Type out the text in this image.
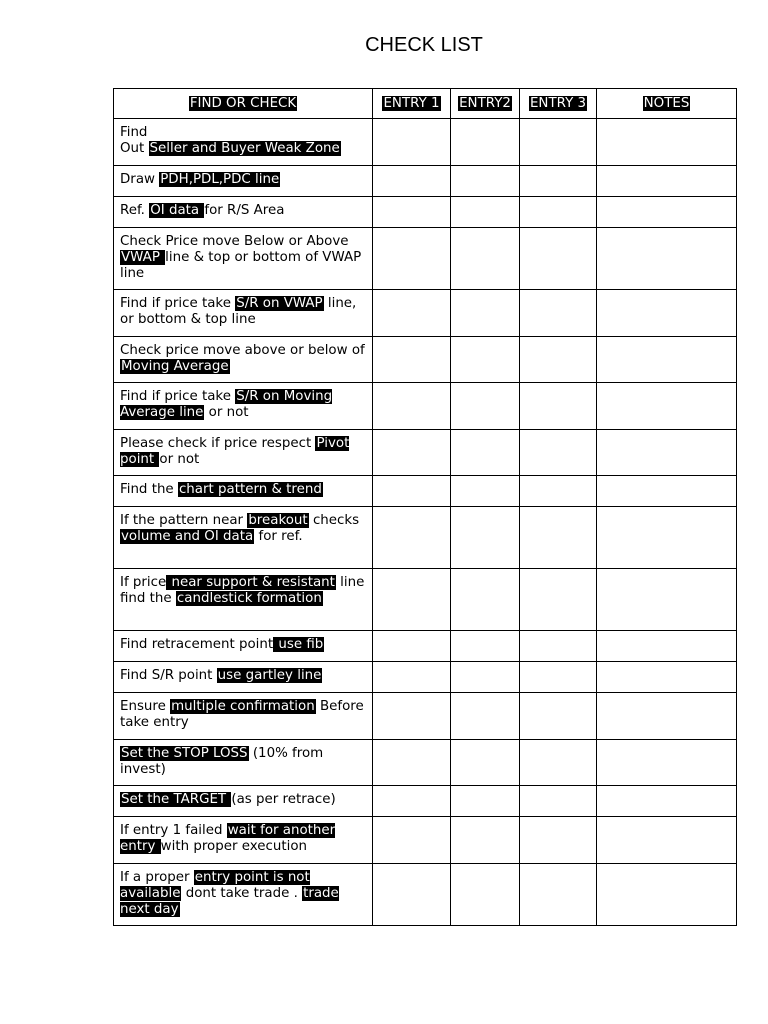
CHECK LIST
FIND OR CHECK	ENTRY 1	ENTRY2	ENTRY 3	NOTES

Find
Out Seller and Buyer Weak Zone				

Draw PDH,PDL,PDC line				

Ref. OI data for R/S Area				

Check Price move Below or Above VWAP line & top or bottom of VWAP line				

Find if price take S/R on VWAP line, or bottom & top line				

Check price move above or below of Moving Average				

Find if price take S/R on Moving Average line or not				

Please check if price respect Pivot point or not				

Find the chart pattern & trend				

If the pattern near breakout checks volume and OI data for ref.				

If price near support & resistant line find the candlestick formation				

Find retracement point use fib				

Find S/R point use gartley line				

Ensure multiple confirmation Before take entry				

Set the STOP LOSS (10% from invest)				

Set the TARGET (as per retrace)				

If entry 1 failed wait for another entry with proper execution				

If a proper entry point is not available dont take trade . trade next day				
